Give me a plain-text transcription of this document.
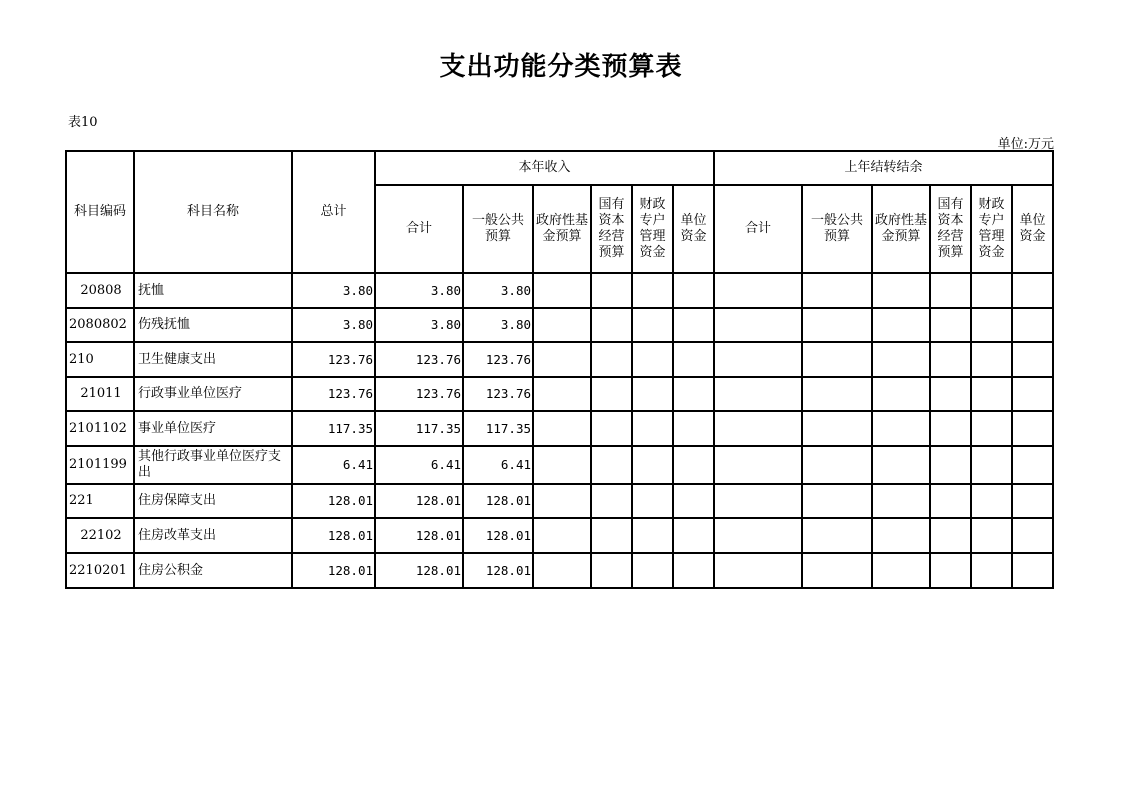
支出功能分类预算表
表10
单位:万元
科目编码	科目名称	总计	本年收入						上年结转结余					
			合计	一般公共预算	政府性基金预算	国有资本经营预算	财政专户管理资金	单位资金	合计	一般公共预算	政府性基金预算	国有资本经营预算	财政专户管理资金	单位资金
20808	抚恤	3.80	3.80	3.80										
2080802	伤残抚恤	3.80	3.80	3.80										
210	卫生健康支出	123.76	123.76	123.76										
21011	行政事业单位医疗	123.76	123.76	123.76										
2101102	事业单位医疗	117.35	117.35	117.35										
2101199	其他行政事业单位医疗支出	6.41	6.41	6.41										
221	住房保障支出	128.01	128.01	128.01										
22102	住房改革支出	128.01	128.01	128.01										
2210201	住房公积金	128.01	128.01	128.01										
